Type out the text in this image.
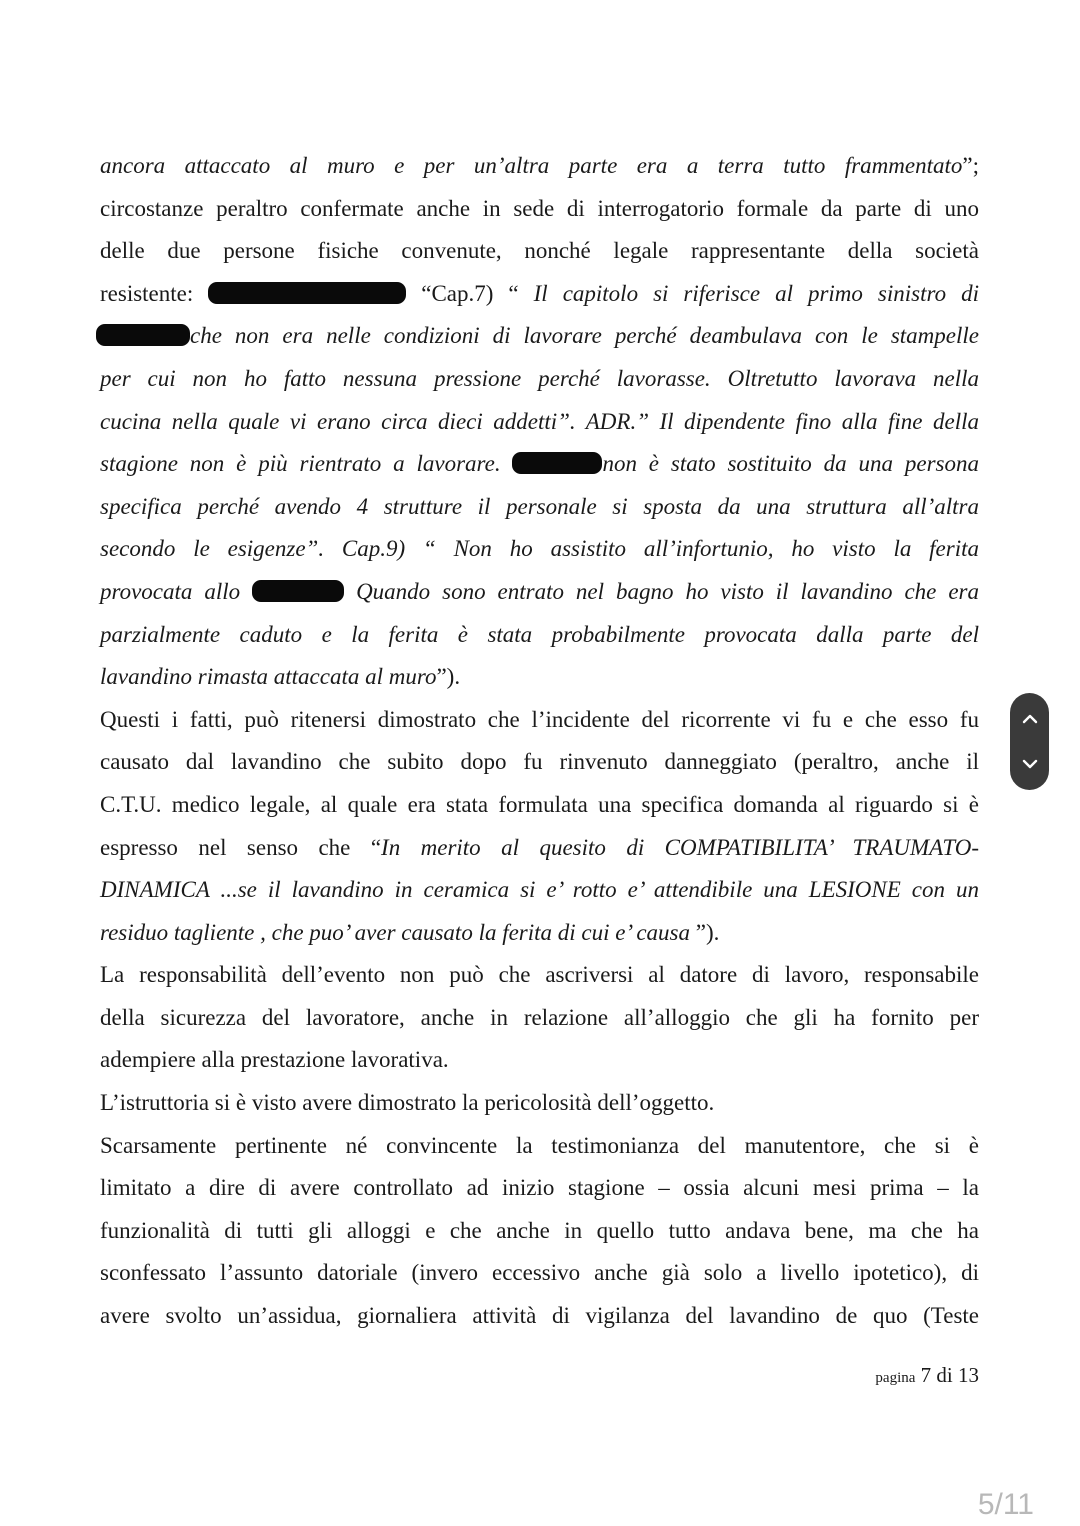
ancora attaccato al muro e per un’altra parte era a terra tutto frammentato”;
circostanze peraltro confermate anche in sede di interrogatorio formale da parte di uno
delle due persone fisiche convenute, nonché legale rappresentante della società
resistente:	“Cap.7) “ Il capitolo si riferisce al primo sinistro di
che non era nelle condizioni di lavorare perché deambulava con le stampelle
per cui non ho fatto nessuna pressione perché lavorasse. Oltretutto lavorava nella
cucina nella quale vi erano circa dieci addetti”. ADR.” Il dipendente fino alla fine della
stagione non è più rientrato a lavorare.	non è stato sostituito da una persona
specifica perché avendo 4 strutture il personale si sposta da una struttura all’altra
secondo le esigenze”. Cap.9) “ Non ho assistito all’infortunio, ho visto la ferita
provocata allo	Quando sono entrato nel bagno ho visto il lavandino che era
parzialmente caduto e la ferita è stata probabilmente provocata dalla parte del
lavandino rimasta attaccata al muro”).
Questi i fatti, può ritenersi dimostrato che l’incidente del ricorrente vi fu e che esso fu
causato dal lavandino che subito dopo fu rinvenuto danneggiato (peraltro, anche il
C.T.U. medico legale, al quale era stata formulata una specifica domanda al riguardo si è
espresso nel senso che “In merito al quesito di COMPATIBILITA’ TRAUMATO-
DINAMICA ...se il lavandino in ceramica si e’ rotto e’ attendibile una LESIONE con un
residuo tagliente , che puo’ aver causato la ferita di cui e’ causa ”).
La responsabilità dell’evento non può che ascriversi al datore di lavoro, responsabile
della sicurezza del lavoratore, anche in relazione all’alloggio che gli ha fornito per
adempiere alla prestazione lavorativa.
L’istruttoria si è visto avere dimostrato la pericolosità dell’oggetto.
Scarsamente pertinente né convincente la testimonianza del manutentore, che si è
limitato a dire di avere controllato ad inizio stagione – ossia alcuni mesi prima – la
funzionalità di tutti gli alloggi e che anche in quello tutto andava bene, ma che ha
sconfessato l’assunto datoriale (invero eccessivo anche già solo a livello ipotetico), di
avere svolto un’assidua, giornaliera attività di vigilanza del lavandino de quo (Teste
pagina 7 di 13
5/11
